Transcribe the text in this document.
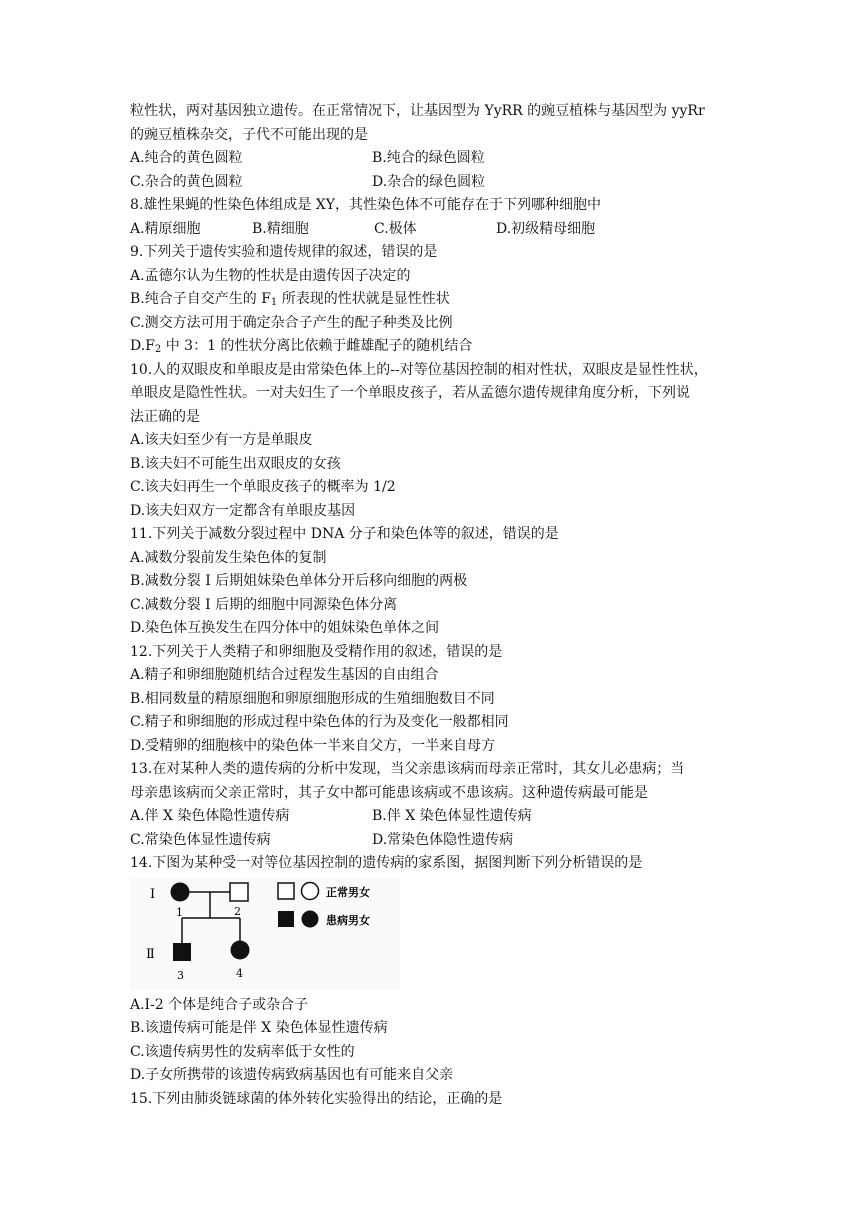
粒性状，两对基因独立遗传。在正常情况下，让基因型为 YyRR 的豌豆植株与基因型为 yyRr
的豌豆植株杂交，子代不可能出现的是
A.纯合的黄色圆粒	B.纯合的绿色圆粒
C.杂合的黄色圆粒	D.杂合的绿色圆粒
8.雄性果蝇的性染色体组成是 XY，其性染色体不可能存在于下列哪种细胞中
A.精原细胞	B.精细胞	C.极体	D.初级精母细胞
9.下列关于遗传实验和遗传规律的叙述，错误的是
A.孟德尔认为生物的性状是由遗传因子决定的
B.纯合子自交产生的 $F_1$ 所表现的性状就是显性性状
C.测交方法可用于确定杂合子产生的配子种类及比例
$D.F_2$ 中 3：1 的性状分离比依赖于雌雄配子的随机结合
10.人的双眼皮和单眼皮是由常染色体上的--对等位基因控制的相对性状，双眼皮是显性性状，
单眼皮是隐性性状。一对夫妇生了一个单眼皮孩子，若从孟德尔遗传规律角度分析，下列说
法正确的是
A.该夫妇至少有一方是单眼皮
B.该夫妇不可能生出双眼皮的女孩
C.该夫妇再生一个单眼皮孩子的概率为 1/2
D.该夫妇双方一定都含有单眼皮基因
11.下列关于减数分裂过程中 DNA 分子和染色体等的叙述，错误的是
A.减数分裂前发生染色体的复制
B.减数分裂 I 后期姐妹染色单体分开后移向细胞的两极
C.减数分裂 I 后期的细胞中同源染色体分离
D.染色体互换发生在四分体中的姐妹染色单体之间
12.下列关于人类精子和卵细胞及受精作用的叙述，错误的是
A.精子和卵细胞随机结合过程发生基因的自由组合
B.相同数量的精原细胞和卵原细胞形成的生殖细胞数目不同
C.精子和卵细胞的形成过程中染色体的行为及变化一般都相同
D.受精卵的细胞核中的染色体一半来自父方，一半来自母方
13.在对某种人类的遗传病的分析中发现，当父亲患该病而母亲正常时，其女儿必患病；当
母亲患该病而父亲正常时，其子女中都可能患该病或不患该病。这种遗传病最可能是
A.伴 X 染色体隐性遗传病	B.伴 X 染色体显性遗传病
C.常染色体显性遗传病	D.常染色体隐性遗传病
14.下图为某种受一对等位基因控制的遗传病的家系图，据图判断下列分析错误的是
Ⅰ
Ⅱ
1	2
3	4
正常男女
患病男女
A.I-2 个体是纯合子或杂合子
B.该遗传病可能是伴 X 染色体显性遗传病
C.该遗传病男性的发病率低于女性的
D.子女所携带的该遗传病致病基因也有可能来自父亲
15.下列由肺炎链球菌的体外转化实验得出的结论，正确的是
